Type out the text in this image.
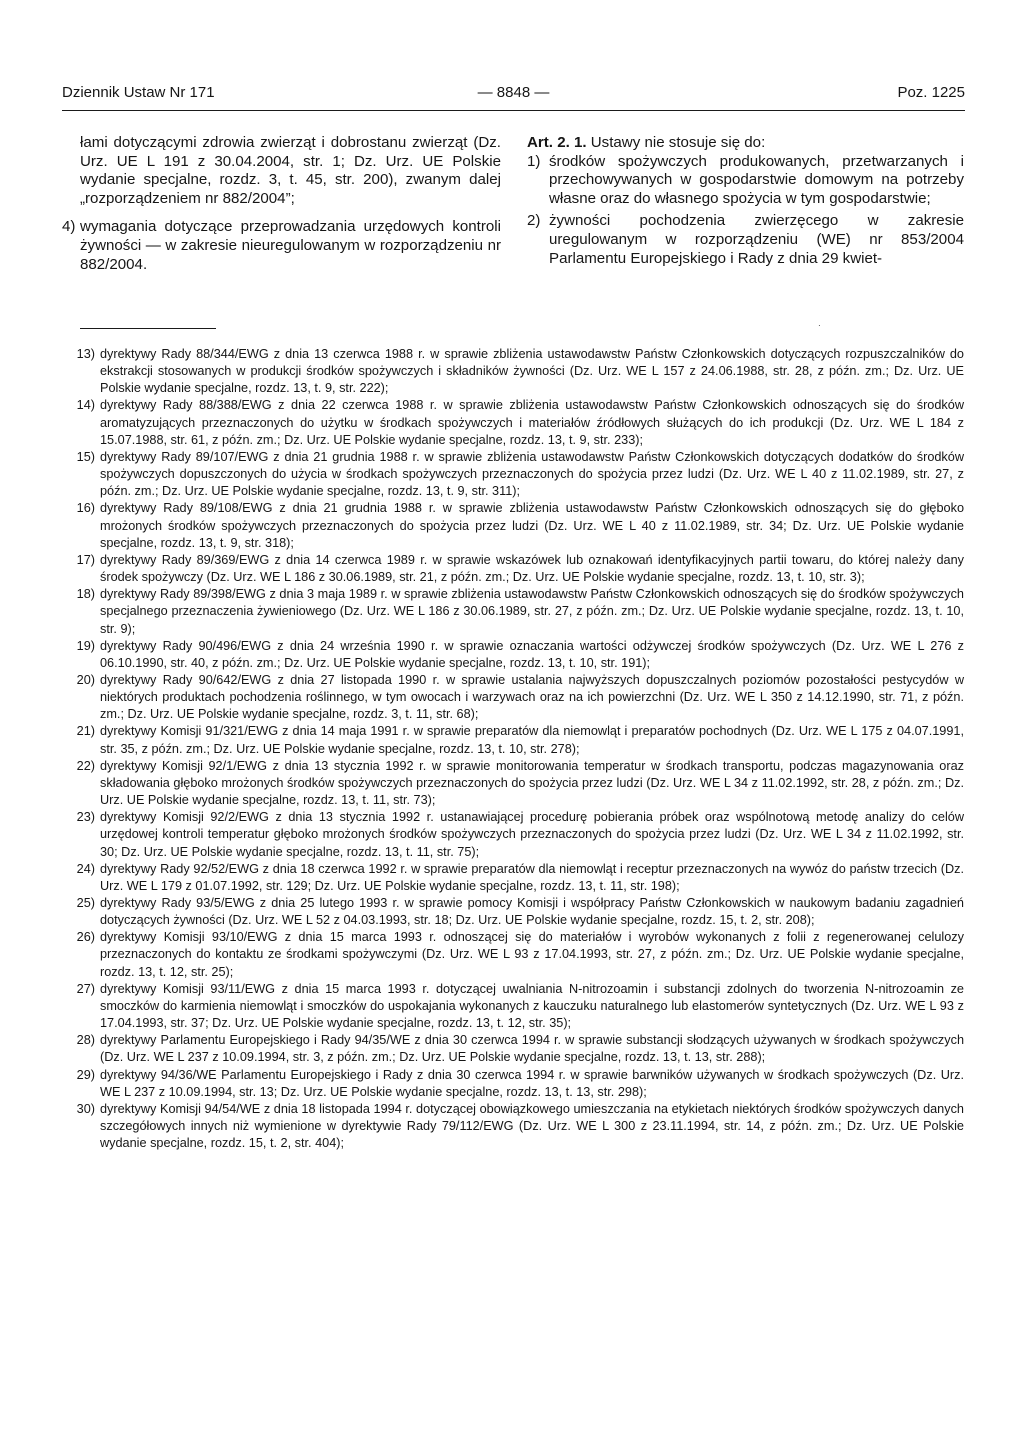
Dziennik Ustaw Nr 171	— 8848 —	Poz. 1225

łami dotyczącymi zdrowia zwierząt i dobrostanu zwierząt (Dz. Urz. UE L 191 z 30.04.2004, str. 1; Dz. Urz. UE Polskie wydanie specjalne, rozdz. 3, t. 45, str. 200), zwanym dalej „rozporządzeniem nr 882/2004”;

4) wymagania dotyczące przeprowadzania urzędowych kontroli żywności — w zakresie nieuregulowanym w rozporządzeniu nr 882/2004.

Art. 2. 1. Ustawy nie stosuje się do:

1) środków spożywczych produkowanych, przetwarzanych i przechowywanych w gospodarstwie domowym na potrzeby własne oraz do własnego spożycia w tym gospodarstwie;
2) żywności pochodzenia zwierzęcego w zakresie uregulowanym w rozporządzeniu (WE) nr 853/2004 Parlamentu Europejskiego i Rady z dnia 29 kwiet-
·
13) dyrektywy Rady 88/344/EWG z dnia 13 czerwca 1988 r. w sprawie zbliżenia ustawodawstw Państw Członkowskich dotyczących rozpuszczalników do ekstrakcji stosowanych w produkcji środków spożywczych i składników żywności (Dz. Urz. WE L 157 z 24.06.1988, str. 28, z późn. zm.; Dz. Urz. UE Polskie wydanie specjalne, rozdz. 13, t. 9, str. 222);
14) dyrektywy Rady 88/388/EWG z dnia 22 czerwca 1988 r. w sprawie zbliżenia ustawodawstw Państw Członkowskich odnoszących się do środków aromatyzujących przeznaczonych do użytku w środkach spożywczych i materiałów źródłowych służących do ich produkcji (Dz. Urz. WE L 184 z 15.07.1988, str. 61, z późn. zm.; Dz. Urz. UE Polskie wydanie specjalne, rozdz. 13, t. 9, str. 233);
15) dyrektywy Rady 89/107/EWG z dnia 21 grudnia 1988 r. w sprawie zbliżenia ustawodawstw Państw Członkowskich dotyczących dodatków do środków spożywczych dopuszczonych do użycia w środkach spożywczych przeznaczonych do spożycia przez ludzi (Dz. Urz. WE L 40 z 11.02.1989, str. 27, z późn. zm.; Dz. Urz. UE Polskie wydanie specjalne, rozdz. 13, t. 9, str. 311);
16) dyrektywy Rady 89/108/EWG z dnia 21 grudnia 1988 r. w sprawie zbliżenia ustawodawstw Państw Członkowskich odnoszących się do głęboko mrożonych środków spożywczych przeznaczonych do spożycia przez ludzi (Dz. Urz. WE L 40 z 11.02.1989, str. 34; Dz. Urz. UE Polskie wydanie specjalne, rozdz. 13, t. 9, str. 318);
17) dyrektywy Rady 89/369/EWG z dnia 14 czerwca 1989 r. w sprawie wskazówek lub oznakowań identyfikacyjnych partii towaru, do której należy dany środek spożywczy (Dz. Urz. WE L 186 z 30.06.1989, str. 21, z późn. zm.; Dz. Urz. UE Polskie wydanie specjalne, rozdz. 13, t. 10, str. 3);
18) dyrektywy Rady 89/398/EWG z dnia 3 maja 1989 r. w sprawie zbliżenia ustawodawstw Państw Członkowskich odnoszących się do środków spożywczych specjalnego przeznaczenia żywieniowego (Dz. Urz. WE L 186 z 30.06.1989, str. 27, z późn. zm.; Dz. Urz. UE Polskie wydanie specjalne, rozdz. 13, t. 10, str. 9);
19) dyrektywy Rady 90/496/EWG z dnia 24 września 1990 r. w sprawie oznaczania wartości odżywczej środków spożywczych (Dz. Urz. WE L 276 z 06.10.1990, str. 40, z późn. zm.; Dz. Urz. UE Polskie wydanie specjalne, rozdz. 13, t. 10, str. 191);
20) dyrektywy Rady 90/642/EWG z dnia 27 listopada 1990 r. w sprawie ustalania najwyższych dopuszczalnych poziomów pozostałości pestycydów w niektórych produktach pochodzenia roślinnego, w tym owocach i warzywach oraz na ich powierzchni (Dz. Urz. WE L 350 z 14.12.1990, str. 71, z późn. zm.; Dz. Urz. UE Polskie wydanie specjalne, rozdz. 3, t. 11, str. 68);
21) dyrektywy Komisji 91/321/EWG z dnia 14 maja 1991 r. w sprawie preparatów dla niemowląt i preparatów pochodnych (Dz. Urz. WE L 175 z 04.07.1991, str. 35, z późn. zm.; Dz. Urz. UE Polskie wydanie specjalne, rozdz. 13, t. 10, str. 278);
22) dyrektywy Komisji 92/1/EWG z dnia 13 stycznia 1992 r. w sprawie monitorowania temperatur w środkach transportu, podczas magazynowania oraz składowania głęboko mrożonych środków spożywczych przeznaczonych do spożycia przez ludzi (Dz. Urz. WE L 34 z 11.02.1992, str. 28, z późn. zm.; Dz. Urz. UE Polskie wydanie specjalne, rozdz. 13, t. 11, str. 73);
23) dyrektywy Komisji 92/2/EWG z dnia 13 stycznia 1992 r. ustanawiającej procedurę pobierania próbek oraz wspólnotową metodę analizy do celów urzędowej kontroli temperatur głęboko mrożonych środków spożywczych przeznaczonych do spożycia przez ludzi (Dz. Urz. WE L 34 z 11.02.1992, str. 30; Dz. Urz. UE Polskie wydanie specjalne, rozdz. 13, t. 11, str. 75);
24) dyrektywy Rady 92/52/EWG z dnia 18 czerwca 1992 r. w sprawie preparatów dla niemowląt i receptur przeznaczonych na wywóz do państw trzecich (Dz. Urz. WE L 179 z 01.07.1992, str. 129; Dz. Urz. UE Polskie wydanie specjalne, rozdz. 13, t. 11, str. 198);
25) dyrektywy Rady 93/5/EWG z dnia 25 lutego 1993 r. w sprawie pomocy Komisji i współpracy Państw Członkowskich w naukowym badaniu zagadnień dotyczących żywności (Dz. Urz. WE L 52 z 04.03.1993, str. 18; Dz. Urz. UE Polskie wydanie specjalne, rozdz. 15, t. 2, str. 208);
26) dyrektywy Komisji 93/10/EWG z dnia 15 marca 1993 r. odnoszącej się do materiałów i wyrobów wykonanych z folii z regenerowanej celulozy przeznaczonych do kontaktu ze środkami spożywczymi (Dz. Urz. WE L 93 z 17.04.1993, str. 27, z późn. zm.; Dz. Urz. UE Polskie wydanie specjalne, rozdz. 13, t. 12, str. 25);
27) dyrektywy Komisji 93/11/EWG z dnia 15 marca 1993 r. dotyczącej uwalniania N-nitrozoamin i substancji zdolnych do tworzenia N-nitrozoamin ze smoczków do karmienia niemowląt i smoczków do uspokajania wykonanych z kauczuku naturalnego lub elastomerów syntetycznych (Dz. Urz. WE L 93 z 17.04.1993, str. 37; Dz. Urz. UE Polskie wydanie specjalne, rozdz. 13, t. 12, str. 35);
28) dyrektywy Parlamentu Europejskiego i Rady 94/35/WE z dnia 30 czerwca 1994 r. w sprawie substancji słodzących używanych w środkach spożywczych (Dz. Urz. WE L 237 z 10.09.1994, str. 3, z późn. zm.; Dz. Urz. UE Polskie wydanie specjalne, rozdz. 13, t. 13, str. 288);
29) dyrektywy 94/36/WE Parlamentu Europejskiego i Rady z dnia 30 czerwca 1994 r. w sprawie barwników używanych w środkach spożywczych (Dz. Urz. WE L 237 z 10.09.1994, str. 13; Dz. Urz. UE Polskie wydanie specjalne, rozdz. 13, t. 13, str. 298);
30) dyrektywy Komisji 94/54/WE z dnia 18 listopada 1994 r. dotyczącej obowiązkowego umieszczania na etykietach niektórych środków spożywczych danych szczegółowych innych niż wymienione w dyrektywie Rady 79/112/EWG (Dz. Urz. WE L 300 z 23.11.1994, str. 14, z późn. zm.; Dz. Urz. UE Polskie wydanie specjalne, rozdz. 15, t. 2, str. 404);
